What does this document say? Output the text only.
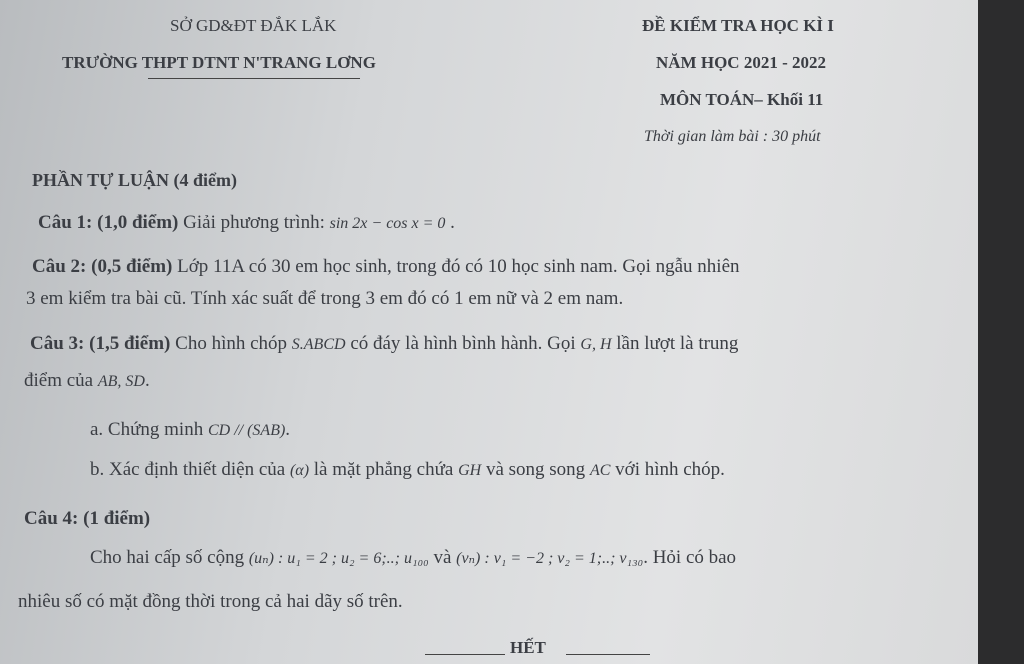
SỞ GD&ĐT ĐẮK LẮK
TRƯỜNG THPT DTNT N'TRANG LƠNG
ĐỀ KIỂM TRA HỌC KÌ I
NĂM HỌC 2021 - 2022
MÔN TOÁN– Khối 11
Thời gian làm bài : 30 phút
PHẦN TỰ LUẬN (4 điểm)
Câu 1: (1,0 điểm) Giải phương trình: sin 2x − cos x = 0 .
Câu 2: (0,5 điểm) Lớp 11A có 30 em học sinh, trong đó có 10 học sinh nam. Gọi ngẫu nhiên
3 em kiểm tra bài cũ. Tính xác suất để trong 3 em đó có 1 em nữ và 2 em nam.
Câu 3: (1,5 điểm) Cho hình chóp S.ABCD có đáy là hình bình hành. Gọi G, H lần lượt là trung
điểm của AB, SD.
a. Chứng minh CD // (SAB).
b. Xác định thiết diện của (α) là mặt phẳng chứa GH và song song AC với hình chóp.
Câu 4: (1 điểm)
Cho hai cấp số cộng (uₙ) : u₁ = 2 ; u₂ = 6;..; u₁₀₀ và (vₙ) : v₁ = −2 ; v₂ = 1;..; v₁₃₀. Hỏi có bao
nhiêu số có mặt đồng thời trong cả hai dãy số trên.
HẾT
